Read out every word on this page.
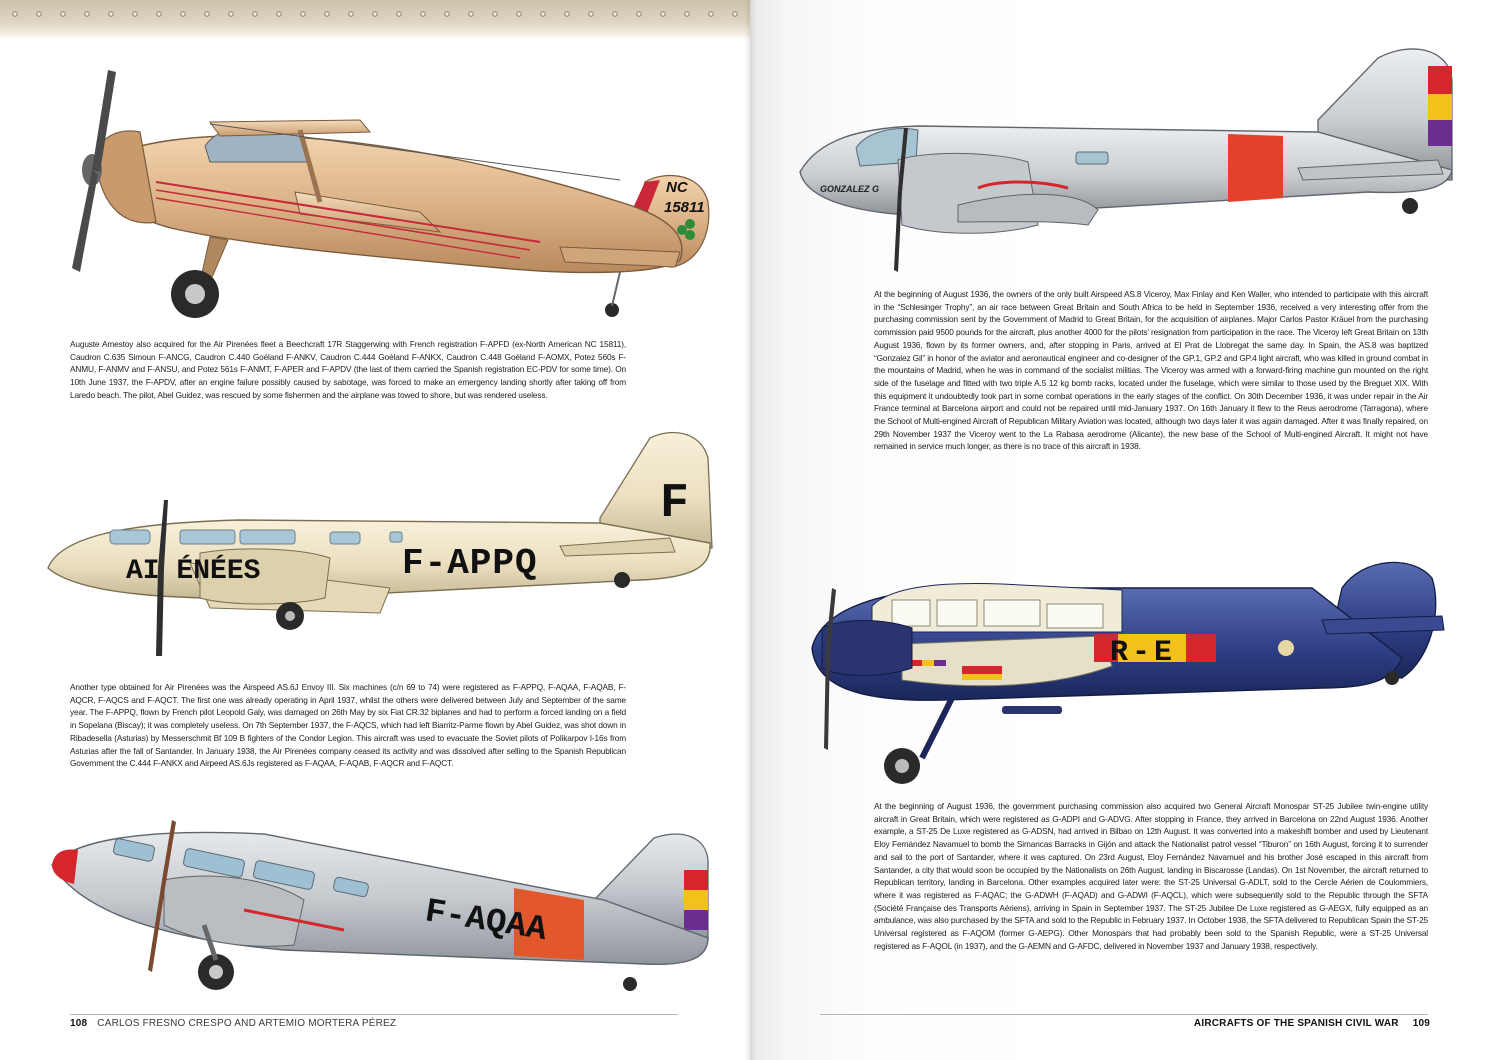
NC
15811

Auguste Amestoy also acquired for the Air Pirenées fleet a Beechcraft 17R Staggerwing with French registration F-APFD (ex-North American NC 15811), Caudron C.635 Simoun F-ANCG, Caudron C.440 Goéland F-ANKV, Caudron C.444 Goéland F-ANKX, Caudron C.448 Goéland F-AOMX, Potez 560s F-ANMU, F-ANMV and F-ANSU, and Potez 561s F-ANMT, F-APER and F-APDV (the last of them carried the Spanish registration EC-PDV for some time). On 10th June 1937, the F-APDV, after an engine failure possibly caused by sabotage, was forced to make an emergency landing shortly after taking off from Laredo beach. The pilot, Abel Guidez, was rescued by some fishermen and the airplane was towed to shore, but was rendered useless.

F
F-APPQ
AI ÉNÉES

Another type obtained for Air Pirenées was the Airspeed AS.6J Envoy III. Six machines (c/n 69 to 74) were registered as F-APPQ, F-AQAA, F-AQAB, F-AQCR, F-AQCS and F-AQCT. The first one was already operating in April 1937, whilst the others were delivered between July and September of the same year. The F-APPQ, flown by French pilot Leopold Galy, was damaged on 26th May by six Fiat CR.32 biplanes and had to perform a forced landing on a field in Sopelana (Biscay); it was completely useless. On 7th September 1937, the F-AQCS, which had left Biarritz-Parme flown by Abel Guidez, was shot down in Ribadesella (Asturias) by Messerschmit Bf 109 B fighters of the Condor Legion. This aircraft was used to evacuate the Soviet pilots of Polikarpov I-16s from Asturias after the fall of Santander. In January 1938, the Air Pirenées company ceased its activity and was dissolved after selling to the Spanish Republican Government the C.444 F-ANKX and Airpeed AS.6Js registered as F-AQAA, F-AQAB, F-AQCR and F-AQCT.

F-AQAA
108 CARLOS FRESNO CRESPO AND ARTEMIO MORTERA PÉREZ
GONZALEZ G

At the beginning of August 1936, the owners of the only built Airspeed AS.8 Viceroy, Max Finlay and Ken Waller, who intended to participate with this aircraft in the “Schlesinger Trophy”, an air race between Great Britain and South Africa to be held in September 1936, received a very interesting offer from the purchasing commission sent by the Government of Madrid to Great Britain, for the acquisition of airplanes. Major Carlos Pastor Kräuel from the purchasing commission paid 9500 pounds for the aircraft, plus another 4000 for the pilots’ resignation from participation in the race. The Viceroy left Great Britain on 13th August 1936, flown by its former owners, and, after stopping in Paris, arrived at El Prat de Llobregat the same day. In Spain, the AS.8 was baptized “Gonzalez Gil” in honor of the aviator and aeronautical engineer and co-designer of the GP.1, GP.2 and GP.4 light aircraft, who was killed in ground combat in the mountains of Madrid, when he was in command of the socialist militias. The Viceroy was armed with a forward-firing machine gun mounted on the right side of the fuselage and fitted with two triple A.5 12 kg bomb racks, located under the fuselage, which were similar to those used by the Breguet XIX. With this equipment it undoubtedly took part in some combat operations in the early stages of the conflict. On 30th December 1936, it was under repair in the Air France terminal at Barcelona airport and could not be repaired until mid-January 1937. On 16th January it flew to the Reus aerodrome (Tarragona), where the School of Multi-engined Aircraft of Republican Military Aviation was located, although two days later it was again damaged. After it was finally repaired, on 29th November 1937 the Viceroy went to the La Rabasa aerodrome (Alicante), the new base of the School of Multi-engined Aircraft. It might not have remained in service much longer, as there is no trace of this aircraft in 1938.

R-E

At the beginning of August 1936, the government purchasing commission also acquired two General Aircraft Monospar ST-25 Jubilee twin-engine utility aircraft in Great Britain, which were registered as G-ADPI and G-ADVG. After stopping in France, they arrived in Barcelona on 22nd August 1936. Another example, a ST-25 De Luxe registered as G-ADSN, had arrived in Bilbao on 12th August. It was converted into a makeshift bomber and used by Lieutenant Eloy Fernández Navamuel to bomb the Simancas Barracks in Gijón and attack the Nationalist patrol vessel “Tiburon” on 16th August, forcing it to surrender and sail to the port of Santander, where it was captured. On 23rd August, Eloy Fernández Navamuel and his brother José escaped in this aircraft from Santander, a city that would soon be occupied by the Nationalists on 26th August, landing in Biscarosse (Landas). On 1st November, the aircraft returned to Republican territory, landing in Barcelona. Other examples acquired later were: the ST-25 Universal G-ADLT, sold to the Cercle Aérien de Coulommiers, where it was registered as F-AQAC; the G-ADWH (F-AQAD) and G-ADWI (F-AQCL), which were subsequently sold to the Republic through the SFTA (Société Française des Transports Aériens), arriving in Spain in September 1937. The ST-25 Jubilee De Luxe registered as G-AEGX, fully equipped as an ambulance, was also purchased by the SFTA and sold to the Republic in February 1937. In October 1938, the SFTA delivered to Republican Spain the ST-25 Universal registered as F-AQOM (former G-AEPG). Other Monospars that had probably been sold to the Spanish Republic, were a ST-25 Universal registered as F-AQOL (in 1937), and the G-AEMN and G-AFDC, delivered in November 1937 and January 1938, respectively.

AIRCRAFTS OF THE SPANISH CIVIL WAR 109
